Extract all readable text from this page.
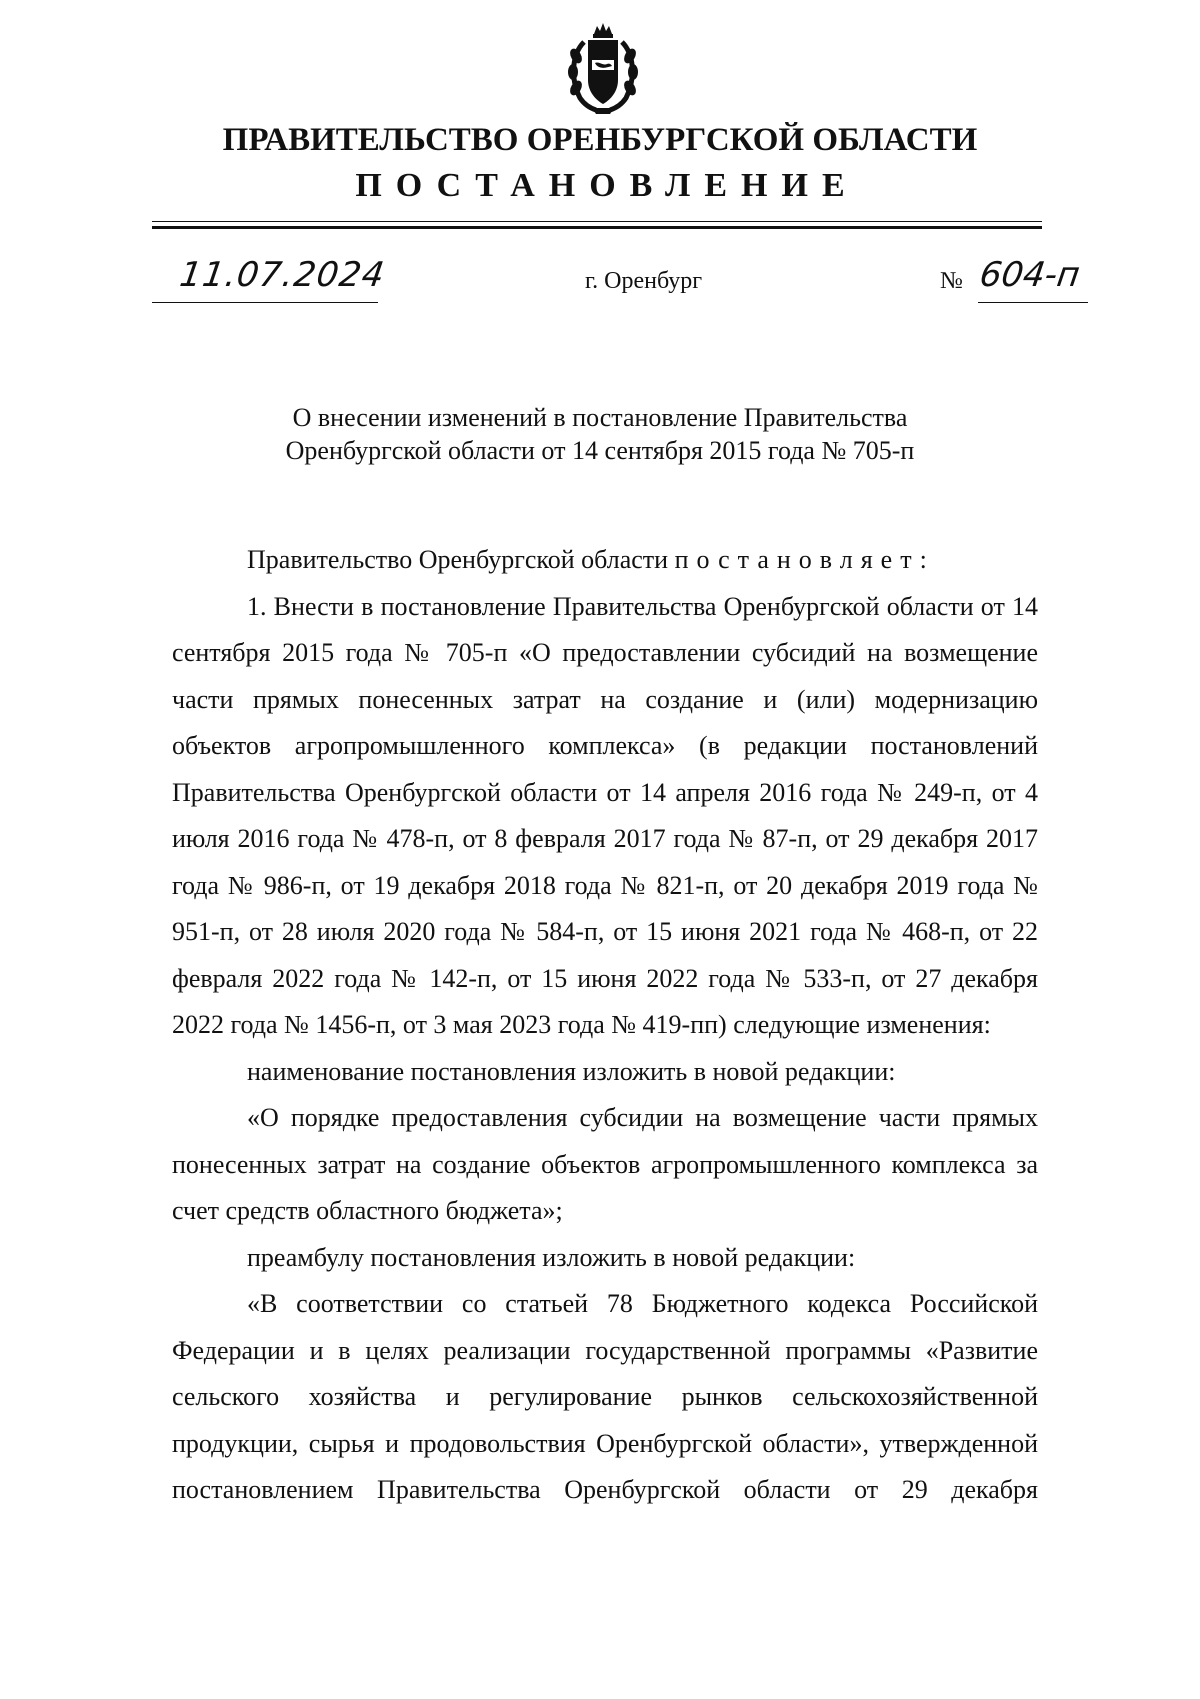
ПРАВИТЕЛЬСТВО ОРЕНБУРГСКОЙ ОБЛАСТИ
ПОСТАНОВЛЕНИЕ
11.07.2024	г. Оренбург	№ 604-п
О внесении изменений в постановление Правительства
Оренбургской области от 14 сентября 2015 года № 705-п

Правительство Оренбургской области постановляет:

1. Внести в постановление Правительства Оренбургской области от 14 сентября 2015 года № 705-п «О предоставлении субсидий на возмещение части прямых понесенных затрат на создание и (или) модернизацию объектов агропромышленного комплекса» (в редакции постановлений Правительства Оренбургской области от 14 апреля 2016 года № 249-п, от 4 июля 2016 года № 478-п, от 8 февраля 2017 года № 87-п, от 29 декабря 2017 года № 986-п, от 19 декабря 2018 года № 821-п, от 20 декабря 2019 года № 951-п, от 28 июля 2020 года № 584-п, от 15 июня 2021 года № 468-п, от 22 февраля 2022 года № 142-п, от 15 июня 2022 года № 533-п, от 27 декабря 2022 года № 1456-п, от 3 мая 2023 года № 419-пп) следующие изменения:

наименование постановления изложить в новой редакции:

«О порядке предоставления субсидии на возмещение части прямых понесенных затрат на создание объектов агропромышленного комплекса за счет средств областного бюджета»;

преамбулу постановления изложить в новой редакции:

«В соответствии со статьей 78 Бюджетного кодекса Российской Федерации и в целях реализации государственной программы «Развитие сельского хозяйства и регулирование рынков сельскохозяйственной продукции, сырья и продовольствия Оренбургской области», утвержденной постановлением Правительства Оренбургской области от 29 декабря
